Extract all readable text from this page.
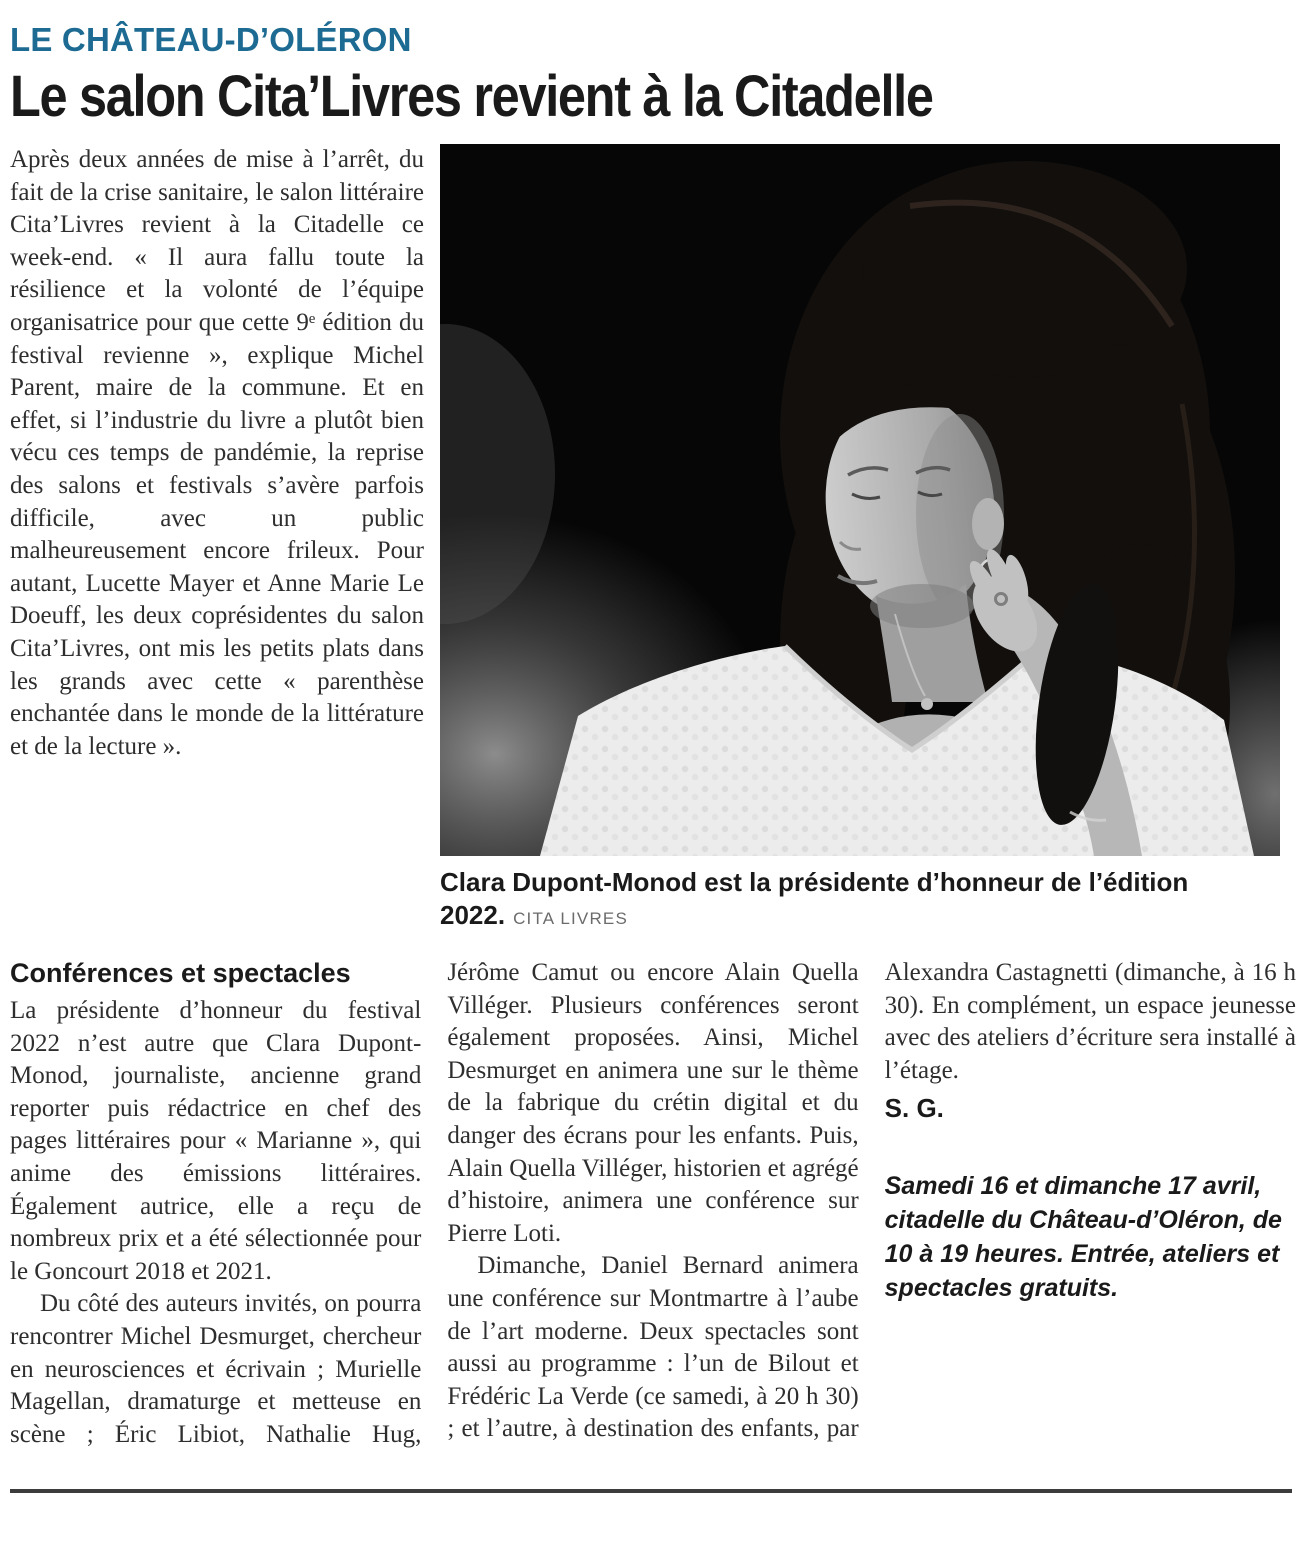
LE CHÂTEAU-D’OLÉRON
Le salon Cita’Livres revient à la Citadelle

Après deux années de mise à l’arrêt, du fait de la crise sanitaire, le salon littéraire Cita’Livres revient à la Citadelle ce week-end. « Il aura fallu toute la résilience et la volonté de l’équipe organisatrice pour que cette 9ᵉ édition du festival revienne », explique Michel Parent, maire de la commune. Et en effet, si l’industrie du livre a plutôt bien vécu ces temps de pandémie, la reprise des salons et festivals s’avère parfois difficile, avec un public malheureusement encore frileux. Pour autant, Lucette Mayer et Anne Marie Le Doeuff, les deux coprésidentes du salon Cita’Livres, ont mis les petits plats dans les grands avec cette « parenthèse enchantée dans le monde de la littérature et de la lecture ».

Clara Dupont-Monod est la présidente d’honneur de l’édition 2022. CITA LIVRES
Conférences et spectacles

La présidente d’honneur du festival 2022 n’est autre que Clara Dupont-Monod, journaliste, ancienne grand reporter puis rédactrice en chef des pages littéraires pour « Marianne », qui anime des émissions littéraires. Également autrice, elle a reçu de nombreux prix et a été sélectionnée pour le Goncourt 2018 et 2021.

Du côté des auteurs invités, on pourra rencontrer Michel Desmurget, chercheur en neurosciences et écrivain ; Murielle Magellan, dramaturge et metteuse en scène ; Éric Libiot, Nathalie Hug, Jérôme Camut ou encore Alain Quella Villéger. Plusieurs conférences seront également proposées. Ainsi, Michel Desmurget en animera une sur le thème de la fabrique du crétin digital et du danger des écrans pour les enfants. Puis, Alain Quella Villéger, historien et agrégé d’histoire, animera une conférence sur Pierre Loti.

Dimanche, Daniel Bernard animera une conférence sur Montmartre à l’aube de l’art moderne. Deux spectacles sont aussi au programme : l’un de Bilout et Frédéric La Verde (ce samedi, à 20 h 30) ; et l’autre, à destination des enfants, par Alexandra Castagnetti (dimanche, à 16 h 30). En complément, un espace jeunesse avec des ateliers d’écriture sera installé à l’étage.

S. G.

Samedi 16 et dimanche 17 avril, citadelle du Château-d’Oléron, de 10 à 19 heures. Entrée, ateliers et spectacles gratuits.
